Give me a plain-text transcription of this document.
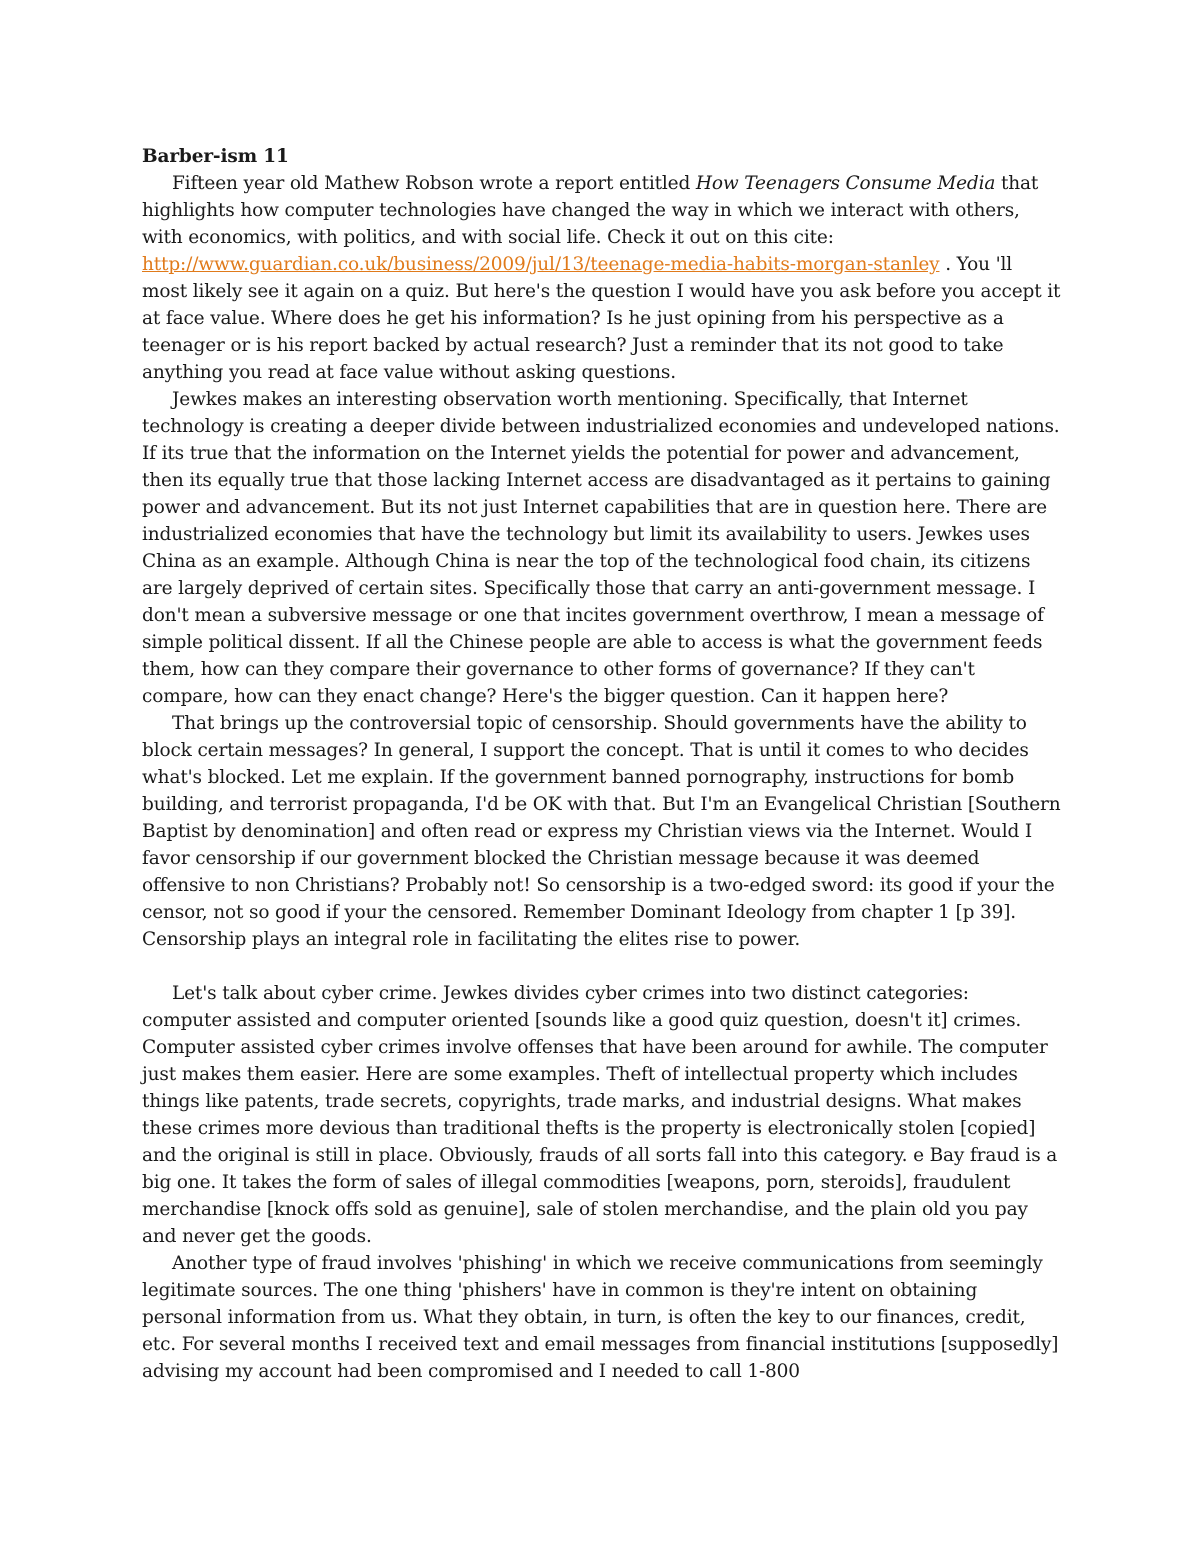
Barber-ism 11

Fifteen year old Mathew Robson wrote a report entitled How Teenagers Consume Media that highlights how computer technologies have changed the way in which we interact with others, with economics, with politics, and with social life. Check it out on this cite: http://www.guardian.co.uk/business/2009/jul/13/teenage-media-habits-morgan-stanley . You 'll most likely see it again on a quiz. But here's the question I would have you ask before you accept it at face value. Where does he get his information? Is he just opining from his perspective as a teenager or is his report backed by actual research? Just a reminder that its not good to take anything you read at face value without asking questions.

Jewkes makes an interesting observation worth mentioning. Specifically, that Internet technology is creating a deeper divide between industrialized economies and undeveloped nations. If its true that the information on the Internet yields the potential for power and advancement, then its equally true that those lacking Internet access are disadvantaged as it pertains to gaining power and advancement. But its not just Internet capabilities that are in question here. There are industrialized economies that have the technology but limit its availability to users. Jewkes uses China as an example. Although China is near the top of the technological food chain, its citizens are largely deprived of certain sites. Specifically those that carry an anti-government message. I don't mean a subversive message or one that incites government overthrow, I mean a message of simple political dissent. If all the Chinese people are able to access is what the government feeds them, how can they compare their governance to other forms of governance? If they can't compare, how can they enact change? Here's the bigger question. Can it happen here?

That brings up the controversial topic of censorship. Should governments have the ability to block certain messages? In general, I support the concept. That is until it comes to who decides what's blocked. Let me explain. If the government banned pornography, instructions for bomb building, and terrorist propaganda, I'd be OK with that. But I'm an Evangelical Christian [Southern Baptist by denomination] and often read or express my Christian views via the Internet. Would I favor censorship if our government blocked the Christian message because it was deemed offensive to non Christians? Probably not! So censorship is a two-edged sword: its good if your the censor, not so good if your the censored. Remember Dominant Ideology from chapter 1 [p 39]. Censorship plays an integral role in facilitating the elites rise to power.

Let's talk about cyber crime. Jewkes divides cyber crimes into two distinct categories: computer assisted and computer oriented [sounds like a good quiz question, doesn't it] crimes. Computer assisted cyber crimes involve offenses that have been around for awhile. The computer just makes them easier. Here are some examples. Theft of intellectual property which includes things like patents, trade secrets, copyrights, trade marks, and industrial designs. What makes these crimes more devious than traditional thefts is the property is electronically stolen [copied] and the original is still in place. Obviously, frauds of all sorts fall into this category. e Bay fraud is a big one. It takes the form of sales of illegal commodities [weapons, porn, steroids], fraudulent merchandise [knock offs sold as genuine], sale of stolen merchandise, and the plain old you pay and never get the goods.

Another type of fraud involves 'phishing' in which we receive communications from seemingly legitimate sources. The one thing 'phishers' have in common is they're intent on obtaining personal information from us. What they obtain, in turn, is often the key to our finances, credit, etc. For several months I received text and email messages from financial institutions [supposedly] advising my account had been compromised and I needed to call 1-800
